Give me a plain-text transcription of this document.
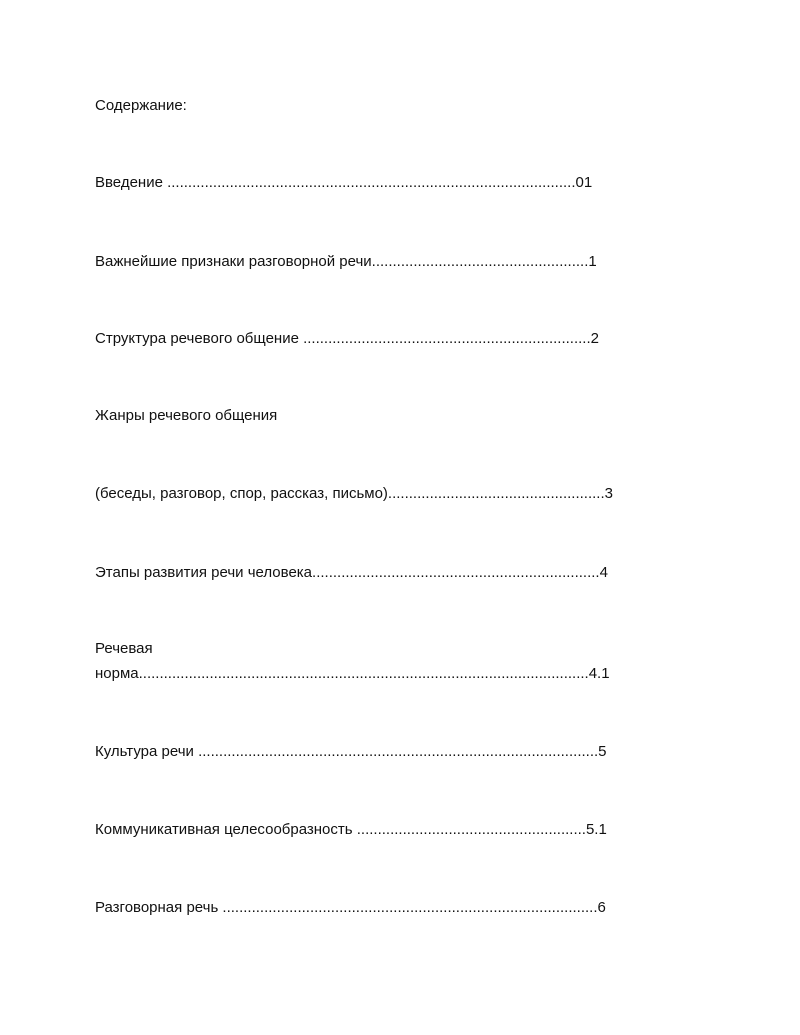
Содержание:
Введение ..................................................................................................01
Важнейшие признаки разговорной речи....................................................1
Структура речевого общение .....................................................................2
Жанры речевого общения
(беседы, разговор, спор, рассказ, письмо)....................................................3
Этапы развития речи человека.....................................................................4
Речевая
норма............................................................................................................4.1
Культура речи ................................................................................................5
Коммуникативная целесообразность .......................................................5.1
Разговорная речь ..........................................................................................6
